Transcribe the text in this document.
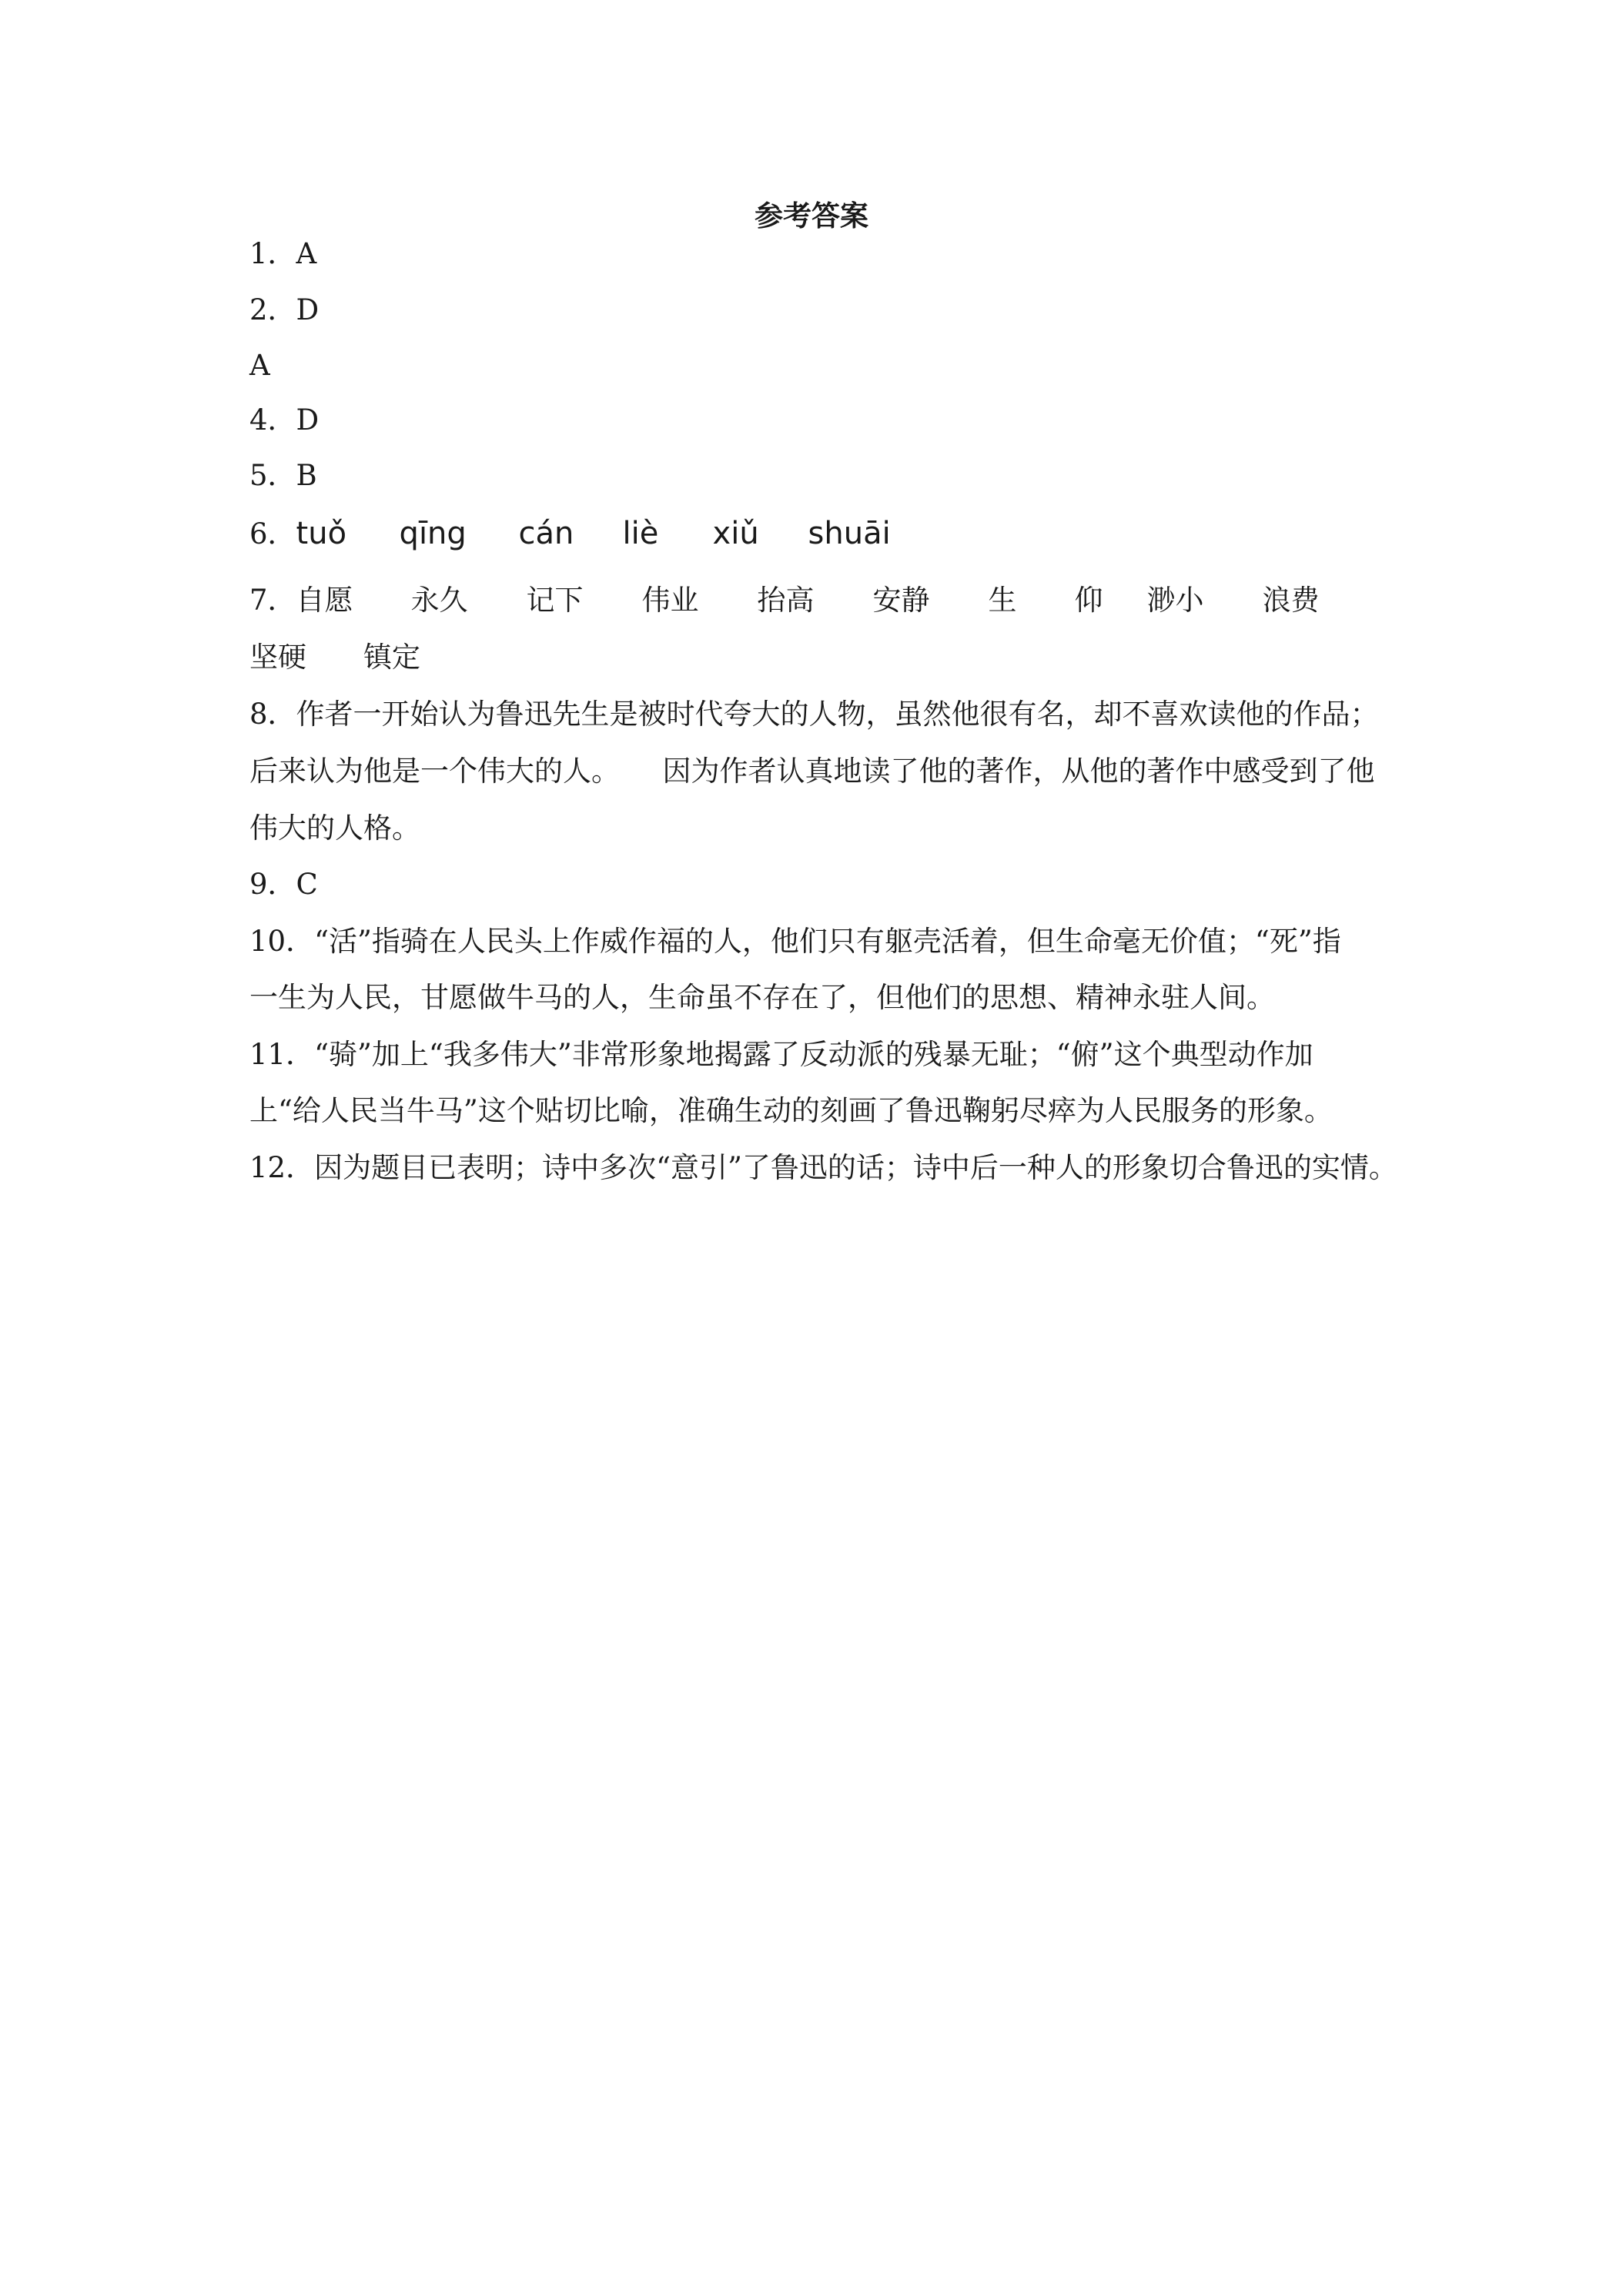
参考答案
1．A
2．D
A
4．D
5．B
6．tuǒ qīng cán liè xiǔ shuāi
7．自愿 永久 记下 伟业 抬高 安静 生 仰 渺小 浪费
坚硬 镇定
8．作者一开始认为鲁迅先生是被时代夸大的人物，虽然他很有名，却不喜欢读他的作品；
后来认为他是一个伟大的人。　　因为作者认真地读了他的著作，从他的著作中感受到了他
伟大的人格。
9．C
10．“活”指骑在人民头上作威作福的人，他们只有躯壳活着，但生命毫无价值；“死”指
一生为人民，甘愿做牛马的人，生命虽不存在了，但他们的思想、精神永驻人间。
11．“骑”加上“我多伟大”非常形象地揭露了反动派的残暴无耻；“俯”这个典型动作加
上“给人民当牛马”这个贴切比喻，准确生动的刻画了鲁迅鞠躬尽瘁为人民服务的形象。
12．因为题目已表明；诗中多次“意引”了鲁迅的话；诗中后一种人的形象切合鲁迅的实情。
